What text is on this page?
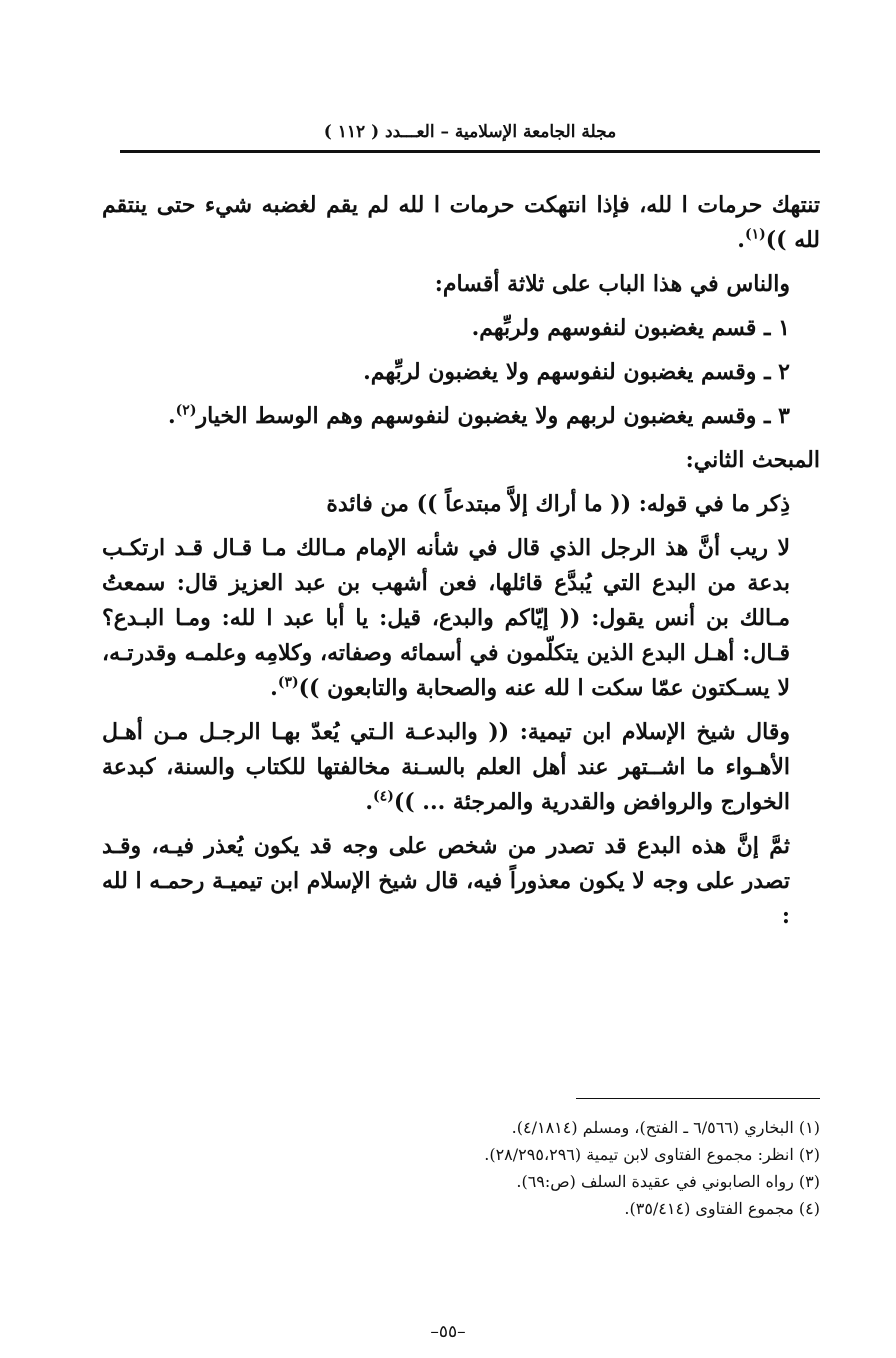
مجلة الجامعة الإسلامية – العـــدد ( ١١٢ )

تنتهك حرمات ا لله، فإذا انتهكت حرمات ا لله لم يقم لغضبه شيء حتى ينتقم لله ))$^{(١)}$.

والناس في هذا الباب على ثلاثة أقسام:

١ ـ قسم يغضبون لنفوسهم ولربِّهم.

٢ ـ وقسم يغضبون لنفوسهم ولا يغضبون لربِّهم.

٣ ـ وقسم يغضبون لربهم ولا يغضبون لنفوسهم وهم الوسط الخيار$^{(٢)}$.

المبحث الثاني:

ذِكر ما في قوله: (( ما أراك إلاَّ مبتدعاً )) من فائدة

لا ريب أنَّ هذ الرجل الذي قال في شأنه الإمام مـالك مـا قـال قـد ارتكـب بدعة من البدع التي يُبدَّع قائلها، فعن أشهب بن عبد العزيز قال: سمعتُ مـالك بن أنس يقول: (( إيّاكم والبدع، قيل: يا أبا عبد ا لله: ومـا البـدع؟ قـال: أهـل البدع الذين يتكلّمون في أسمائه وصفاته، وكلامِه وعلمـه وقدرتـه، لا يسـكتون عمّا سكت ا لله عنه والصحابة والتابعون ))$^{(٣)}$.

وقال شيخ الإسلام ابن تيمية: (( والبدعـة الـتي يُعدّ بهـا الرجـل مـن أهـل الأهـواء ما اشــتهر عند أهل العلم بالسـنة مخالفتها للكتاب والسنة، كبدعة الخوارج والروافض والقدرية والمرجئة ... ))$^{(٤)}$.

ثمَّ إنَّ هذه البدع قد تصدر من شخص على وجه قد يكون يُعذر فيـه، وقـد تصدر على وجه لا يكون معذوراً فيه، قال شيخ الإسلام ابن تيميـة رحمـه ا لله :

(١) البخاري (٦/٥٦٦ ـ الفتح)، ومسلم (٤/١٨١٤).
(٢) انظر: مجموع الفتاوى لابن تيمية (٢٨/٢٩٥،٢٩٦).
(٣) رواه الصابوني في عقيدة السلف (ص:٦٩).
(٤) مجموع الفتاوى (٣٥/٤١٤).
–٥٥–
